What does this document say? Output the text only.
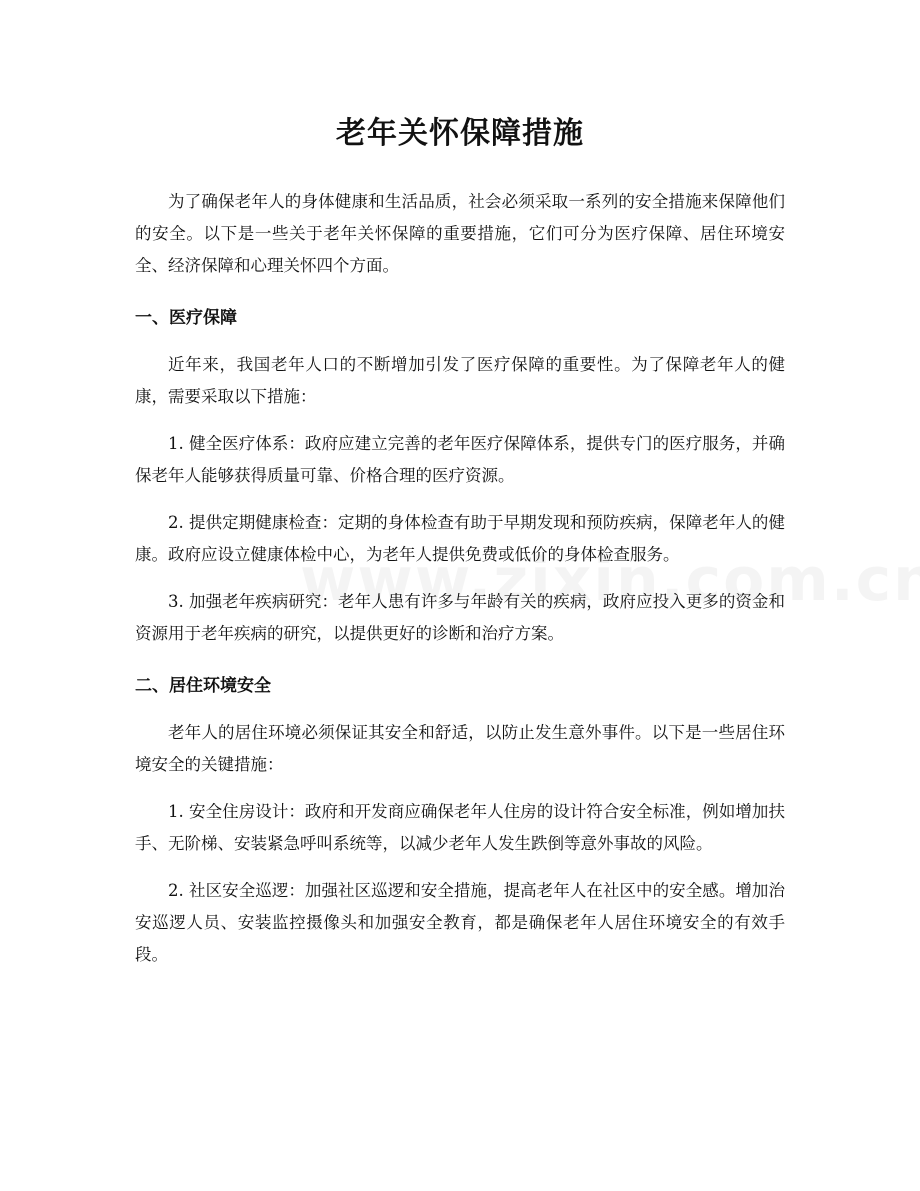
老年关怀保障措施

为了确保老年人的身体健康和生活品质，社会必须采取一系列的安全措施来保障他们的安全。以下是一些关于老年关怀保障的重要措施，它们可分为医疗保障、居住环境安全、经济保障和心理关怀四个方面。

一、医疗保障

近年来，我国老年人口的不断增加引发了医疗保障的重要性。为了保障老年人的健康，需要采取以下措施：

1. 健全医疗体系：政府应建立完善的老年医疗保障体系，提供专门的医疗服务，并确保老年人能够获得质量可靠、价格合理的医疗资源。

2. 提供定期健康检查：定期的身体检查有助于早期发现和预防疾病，保障老年人的健康。政府应设立健康体检中心，为老年人提供免费或低价的身体检查服务。

3. 加强老年疾病研究：老年人患有许多与年龄有关的疾病，政府应投入更多的资金和资源用于老年疾病的研究，以提供更好的诊断和治疗方案。

二、居住环境安全

老年人的居住环境必须保证其安全和舒适，以防止发生意外事件。以下是一些居住环境安全的关键措施：

1. 安全住房设计：政府和开发商应确保老年人住房的设计符合安全标准，例如增加扶手、无阶梯、安装紧急呼叫系统等，以减少老年人发生跌倒等意外事故的风险。

2. 社区安全巡逻：加强社区巡逻和安全措施，提高老年人在社区中的安全感。增加治安巡逻人员、安装监控摄像头和加强安全教育，都是确保老年人居住环境安全的有效手段。
